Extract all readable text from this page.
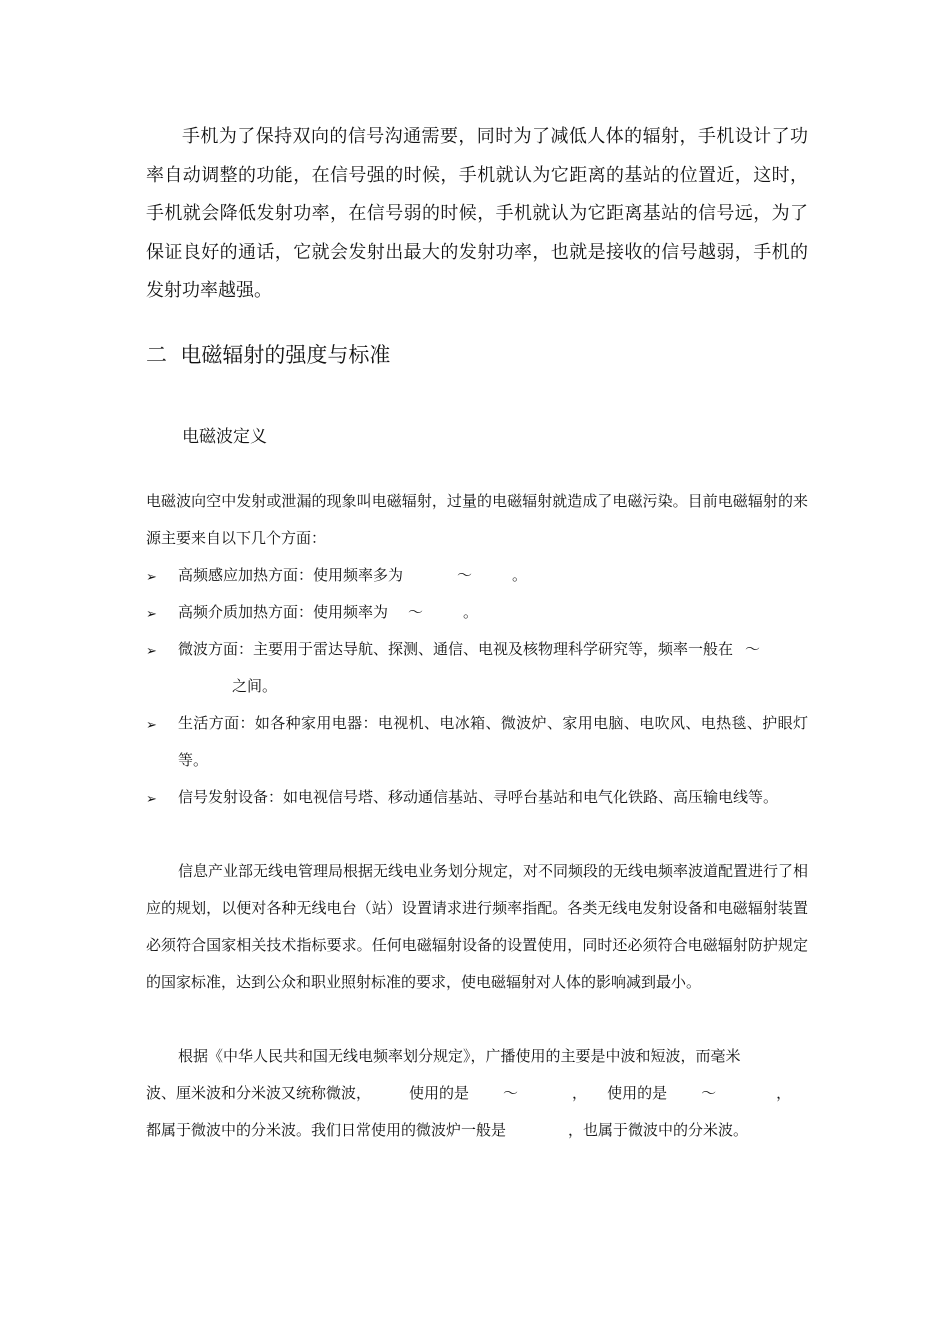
手机为了保持双向的信号沟通需要，同时为了减低人体的辐射，手机设计了功率自动调整的功能，在信号强的时候，手机就认为它距离的基站的位置近，这时，手机就会降低发射功率，在信号弱的时候，手机就认为它距离基站的信号远，为了保证良好的通话，它就会发射出最大的发射功率，也就是接收的信号越弱，手机的发射功率越强。
二  电磁辐射的强度与标准
电磁波定义
电磁波向空中发射或泄漏的现象叫电磁辐射，过量的电磁辐射就造成了电磁污染。目前电磁辐射的来源主要来自以下几个方面：
➢ 高频感应加热方面：使用频率多为	～	。
➢ 高频介质加热方面：使用频率为 ～	。
➢ 微波方面：主要用于雷达导航、探测、通信、电视及核物理科学研究等，频率一般在 ～
之间。
➢ 生活方面：如各种家用电器：电视机、电冰箱、微波炉、家用电脑、电吹风、电热毯、护眼灯等。
➢ 信号发射设备：如电视信号塔、移动通信基站、寻呼台基站和电气化铁路、高压输电线等。
信息产业部无线电管理局根据无线电业务划分规定，对不同频段的无线电频率波道配置进行了相应的规划，以便对各种无线电台（站）设置请求进行频率指配。各类无线电发射设备和电磁辐射装置必须符合国家相关技术指标要求。任何电磁辐射设备的设置使用，同时还必须符合电磁辐射防护规定的国家标准，达到公众和职业照射标准的要求，使电磁辐射对人体的影响减到最小。
根据《中华人民共和国无线电频率划分规定》，广播使用的主要是中波和短波，而毫米
波、厘米波和分米波又统称微波，	使用的是 ～	， 使用的是 ～	，
都属于微波中的分米波。我们日常使用的微波炉一般是	，也属于微波中的分米波。
